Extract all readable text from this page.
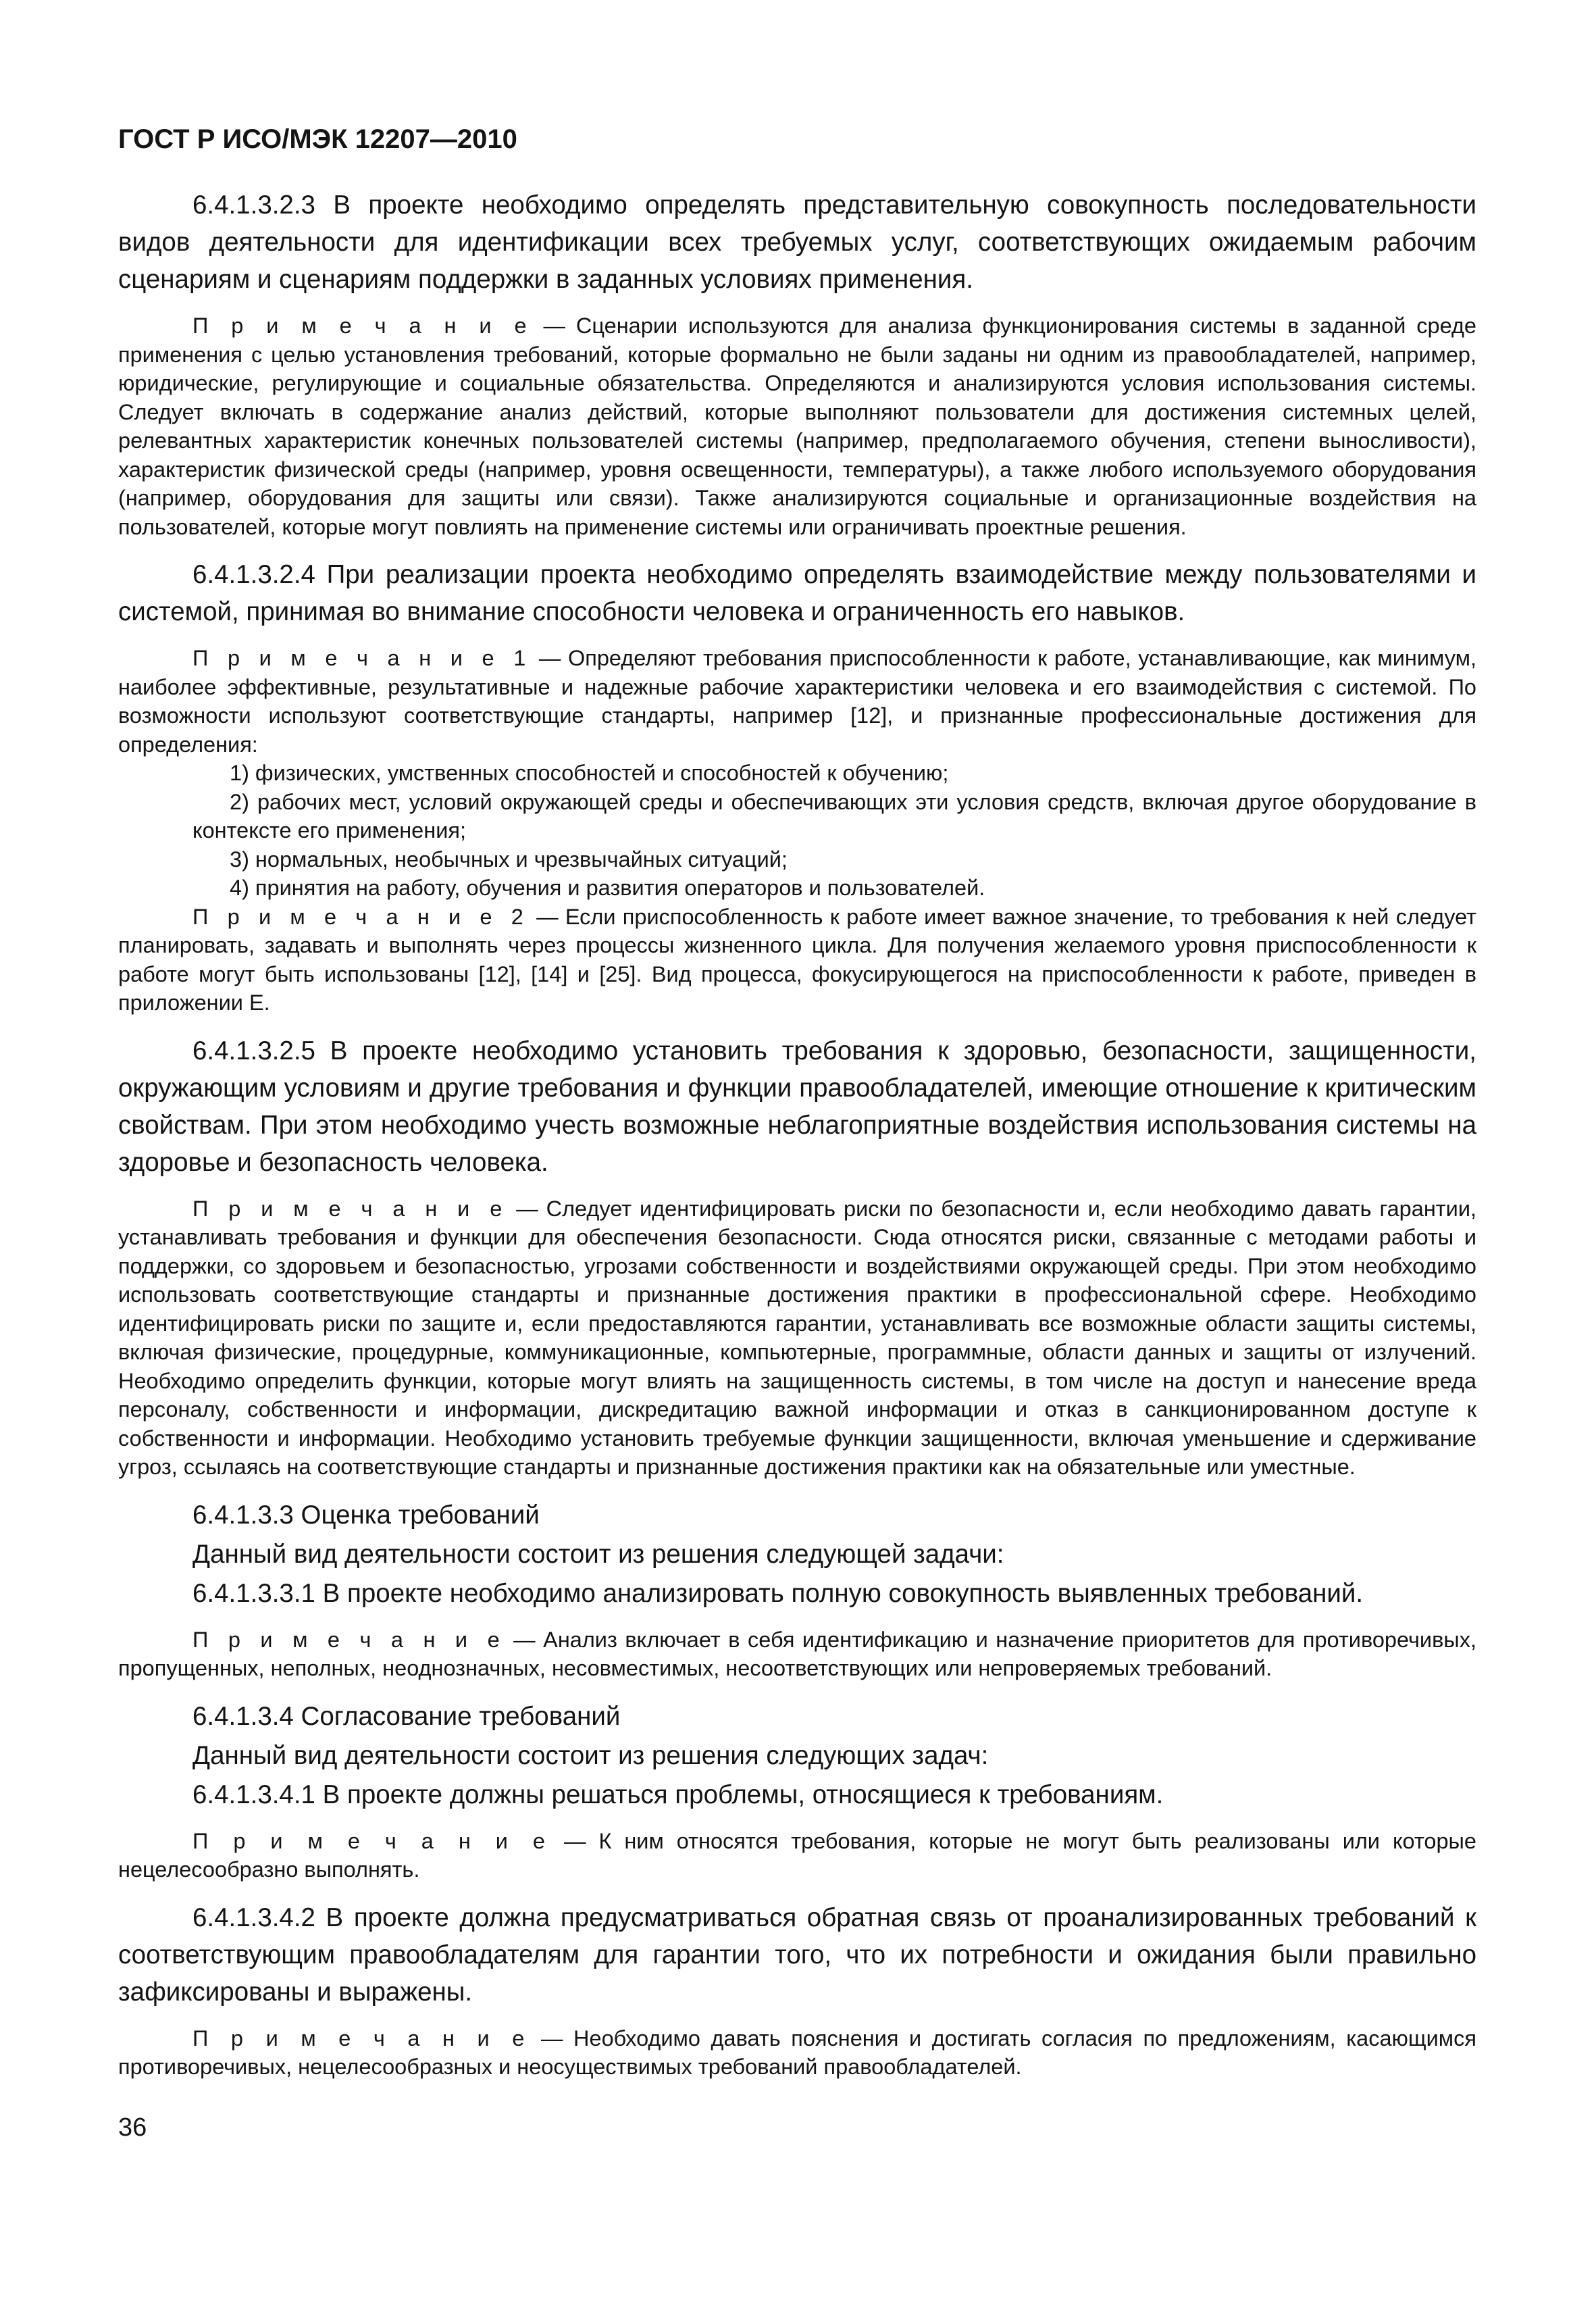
ГОСТ Р ИСО/МЭК 12207—2010
6.4.1.3.2.3 В проекте необходимо определять представительную совокупность последовательности видов деятельности для идентификации всех требуемых услуг, соответствующих ожидаемым рабочим сценариям и сценариям поддержки в заданных условиях применения.
П р и м е ч а н и е — Сценарии используются для анализа функционирования системы в заданной среде применения с целью установления требований, которые формально не были заданы ни одним из правообладателей, например, юридические, регулирующие и социальные обязательства. Определяются и анализируются условия использования системы. Следует включать в содержание анализ действий, которые выполняют пользователи для достижения системных целей, релевантных характеристик конечных пользователей системы (например, предполагаемого обучения, степени выносливости), характеристик физической среды (например, уровня освещенности, температуры), а также любого используемого оборудования (например, оборудования для защиты или связи). Также анализируются социальные и организационные воздействия на пользователей, которые могут повлиять на применение системы или ограничивать проектные решения.
6.4.1.3.2.4 При реализации проекта необходимо определять взаимодействие между пользователями и системой, принимая во внимание способности человека и ограниченность его навыков.
П р и м е ч а н и е 1 — Определяют требования приспособленности к работе, устанавливающие, как минимум, наиболее эффективные, результативные и надежные рабочие характеристики человека и его взаимодействия с системой. По возможности используют соответствующие стандарты, например [12], и признанные профессиональные достижения для определения:
1) физических, умственных способностей и способностей к обучению;
2) рабочих мест, условий окружающей среды и обеспечивающих эти условия средств, включая другое оборудование в контексте его применения;
3) нормальных, необычных и чрезвычайных ситуаций;
4) принятия на работу, обучения и развития операторов и пользователей.
П р и м е ч а н и е 2 — Если приспособленность к работе имеет важное значение, то требования к ней следует планировать, задавать и выполнять через процессы жизненного цикла. Для получения желаемого уровня приспособленности к работе могут быть использованы [12], [14] и [25]. Вид процесса, фокусирующегося на приспособленности к работе, приведен в приложении Е.
6.4.1.3.2.5 В проекте необходимо установить требования к здоровью, безопасности, защищенности, окружающим условиям и другие требования и функции правообладателей, имеющие отношение к критическим свойствам. При этом необходимо учесть возможные неблагоприятные воздействия использования системы на здоровье и безопасность человека.
П р и м е ч а н и е — Следует идентифицировать риски по безопасности и, если необходимо давать гарантии, устанавливать требования и функции для обеспечения безопасности. Сюда относятся риски, связанные с методами работы и поддержки, со здоровьем и безопасностью, угрозами собственности и воздействиями окружающей среды. При этом необходимо использовать соответствующие стандарты и признанные достижения практики в профессиональной сфере. Необходимо идентифицировать риски по защите и, если предоставляются гарантии, устанавливать все возможные области защиты системы, включая физические, процедурные, коммуникационные, компьютерные, программные, области данных и защиты от излучений. Необходимо определить функции, которые могут влиять на защищенность системы, в том числе на доступ и нанесение вреда персоналу, собственности и информации, дискредитацию важной информации и отказ в санкционированном доступе к собственности и информации. Необходимо установить требуемые функции защищенности, включая уменьшение и сдерживание угроз, ссылаясь на соответствующие стандарты и признанные достижения практики как на обязательные или уместные.
6.4.1.3.3 Оценка требований
Данный вид деятельности состоит из решения следующей задачи:
6.4.1.3.3.1 В проекте необходимо анализировать полную совокупность выявленных требований.
П р и м е ч а н и е — Анализ включает в себя идентификацию и назначение приоритетов для противоречивых, пропущенных, неполных, неоднозначных, несовместимых, несоответствующих или непроверяемых требований.
6.4.1.3.4 Согласование требований
Данный вид деятельности состоит из решения следующих задач:
6.4.1.3.4.1 В проекте должны решаться проблемы, относящиеся к требованиям.
П р и м е ч а н и е — К ним относятся требования, которые не могут быть реализованы или которые нецелесообразно выполнять.
6.4.1.3.4.2 В проекте должна предусматриваться обратная связь от проанализированных требований к соответствующим правообладателям для гарантии того, что их потребности и ожидания были правильно зафиксированы и выражены.
П р и м е ч а н и е — Необходимо давать пояснения и достигать согласия по предложениям, касающимся противоречивых, нецелесообразных и неосуществимых требований правообладателей.
36
